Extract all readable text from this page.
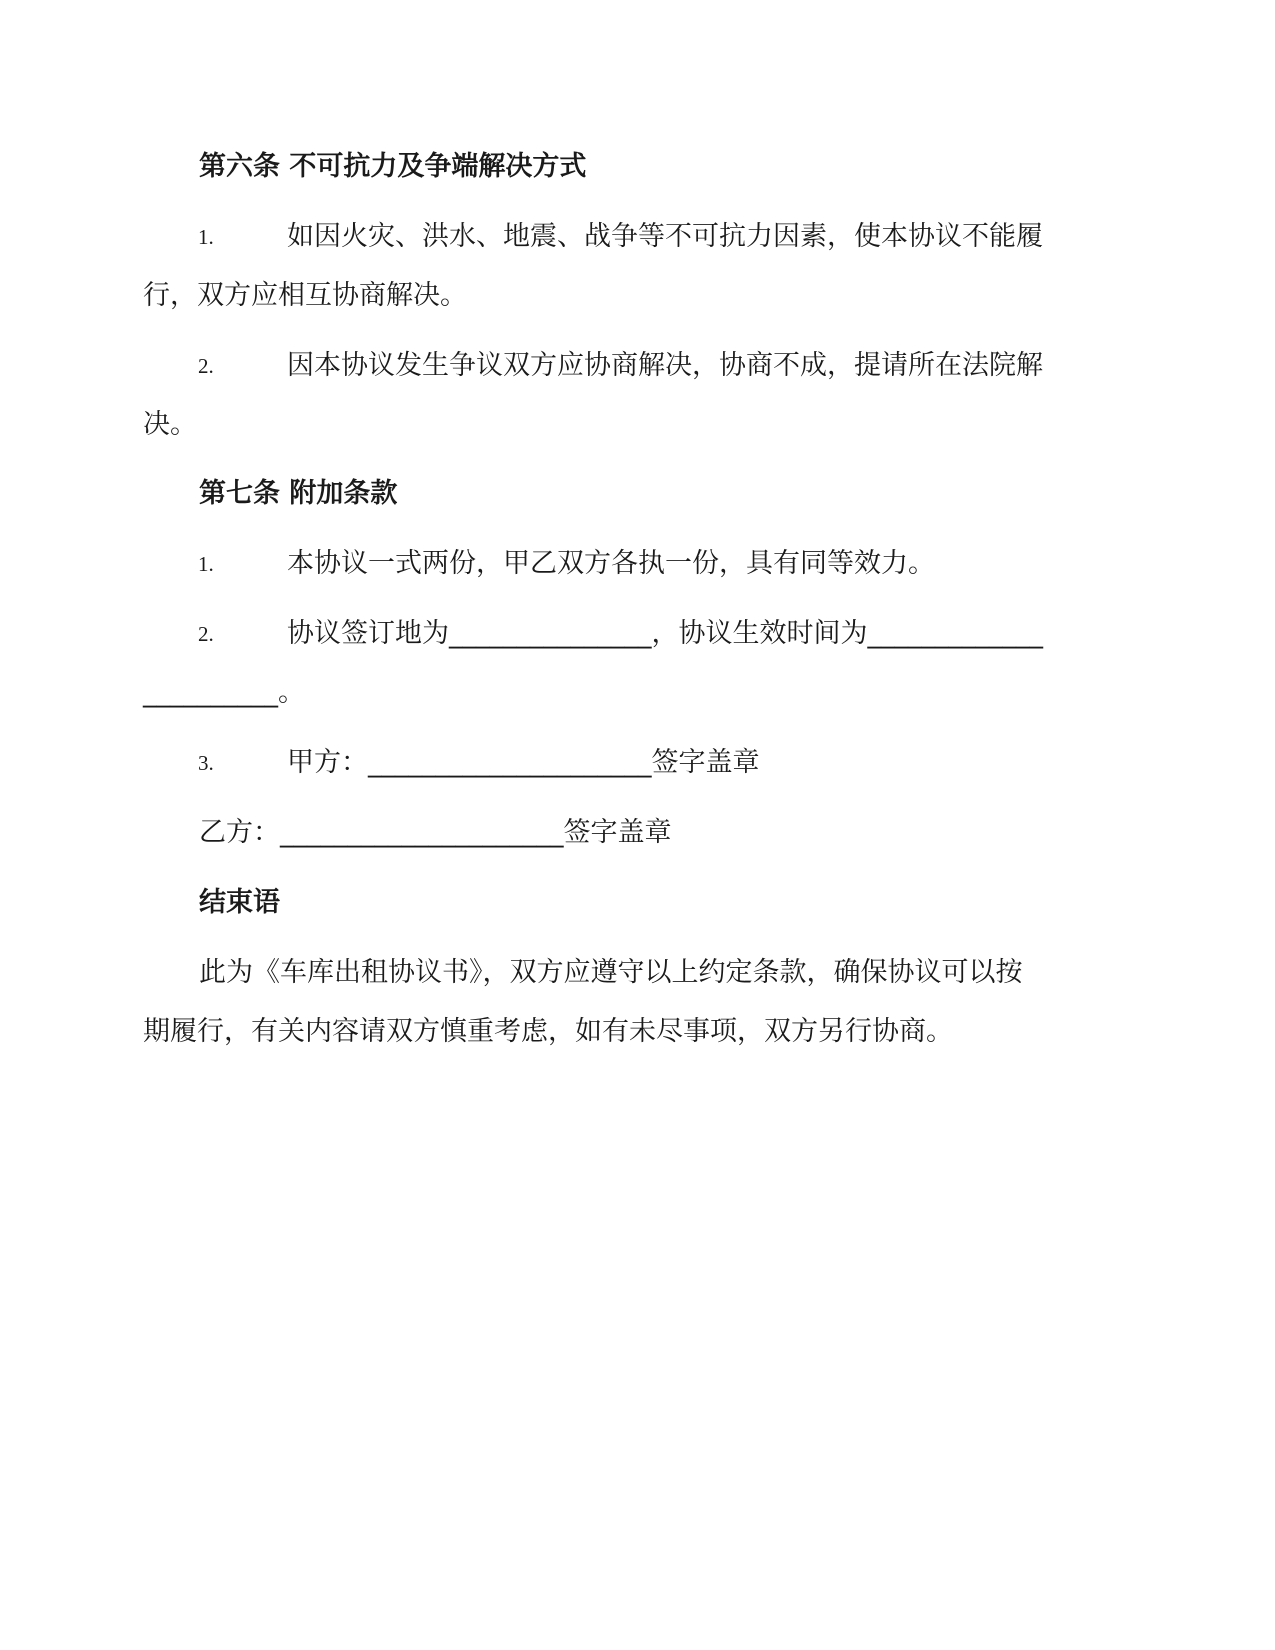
第六条 不可抗力及争端解决方式
1.	如因火灾、洪水、地震、战争等不可抗力因素，使本协议不能履
行，双方应相互协商解决。
2.	因本协议发生争议双方应协商解决，协商不成，提请所在法院解
决。
第七条 附加条款
1.	本协议一式两份，甲乙双方各执一份，具有同等效力。
2.	协议签订地为_______________，协议生效时间为_____________
__________。
3.	甲方：_____________________签字盖章
乙方：_____________________签字盖章
结束语
此为《车库出租协议书》，双方应遵守以上约定条款，确保协议可以按
期履行，有关内容请双方慎重考虑，如有未尽事项，双方另行协商。
